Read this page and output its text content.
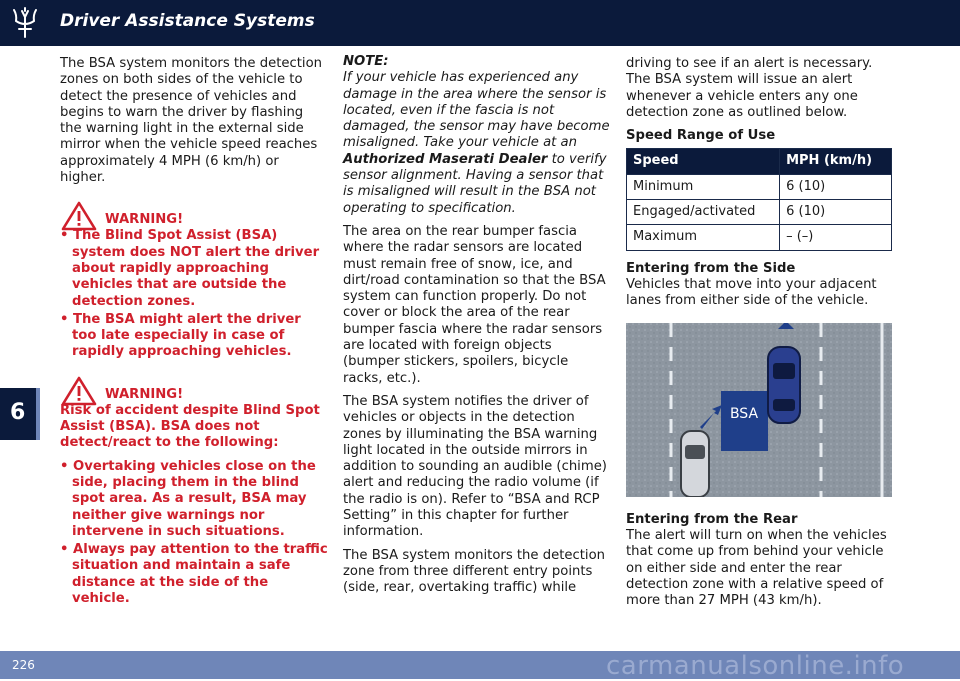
Driver Assistance Systems
6

The BSA system monitors the detection zones on both sides of the vehicle to detect the presence of vehicles and begins to warn the driver by flashing the warning light in the external side mirror when the vehicle speed reaches approximately 4 MPH (6 km/h) or higher.

WARNING!
• The Blind Spot Assist (BSA) system does NOT alert the driver about rapidly approaching vehicles that are outside the detection zones.
• The BSA might alert the driver too late especially in case of rapidly approaching vehicles.
WARNING!

Risk of accident despite Blind Spot Assist (BSA). BSA does not detect/react to the following:

• Overtaking vehicles close on the side, placing them in the blind spot area. As a result, BSA may neither give warnings nor intervene in such situations.
• Always pay attention to the traffic situation and maintain a safe distance at the side of the vehicle.
NOTE:

If your vehicle has experienced any damage in the area where the sensor is located, even if the fascia is not damaged, the sensor may have become misaligned. Take your vehicle at an Authorized Maserati Dealer to verify sensor alignment. Having a sensor that is misaligned will result in the BSA not operating to specification.

The area on the rear bumper fascia where the radar sensors are located must remain free of snow, ice, and dirt/road contamination so that the BSA system can function properly. Do not cover or block the area of the rear bumper fascia where the radar sensors are located with foreign objects (bumper stickers, spoilers, bicycle racks, etc.).

The BSA system notifies the driver of vehicles or objects in the detection zones by illuminating the BSA warning light located in the outside mirrors in addition to sounding an audible (chime) alert and reducing the radio volume (if the radio is on). Refer to “BSA and RCP Setting” in this chapter for further information.

The BSA system monitors the detection zone from three different entry points (side, rear, overtaking traffic) while

driving to see if an alert is necessary. The BSA system will issue an alert whenever a vehicle enters any one detection zone as outlined below.

Speed Range of Use
Speed	MPH (km/h)
Minimum	6 (10)
Engaged/activated	6 (10)
Maximum	– (–)
Entering from the Side

Vehicles that move into your adjacent lanes from either side of the vehicle.

BSA
Entering from the Rear

The alert will turn on when the vehicles that come up from behind your vehicle on either side and enter the rear detection zone with a relative speed of more than 27 MPH (43 km/h).

226	carmanualsonline.info
